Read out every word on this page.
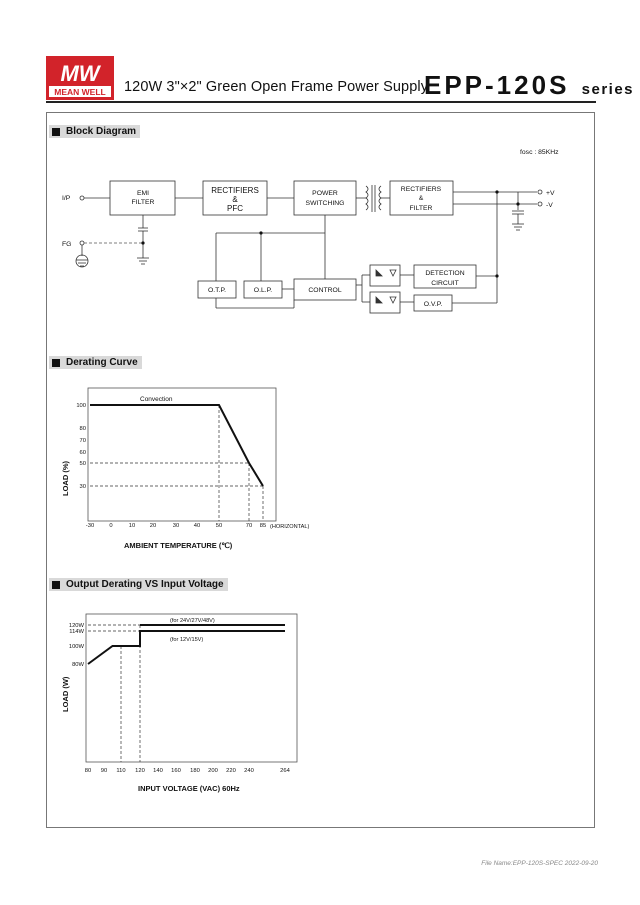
MW
MEAN WELL 120W 3"×2" Green Open Frame Power Supply
EPP-120S series
Block Diagram
Derating Curve
Output Derating VS Input Voltage
fosc : 85KHz
I/P
FG
EMI
FILTER
RECTIFIERS
&
PFC
POWER
SWITCHING
RECTIFIERS
&
FILTER
+V
-V
O.T.P.	O.L.P.	CONTROL
DETECTION
CIRCUIT
O.V.P.
-30	0	10	20	30	40	50	70 85
30
50
60
70
80
100
Convection
(HORIZONTAL)
AMBIENT TEMPERATURE (℃)
LOAD (%)
80 90 110 120 140 160 180 200 220 240	264
80W
100W
114W
120W
(for 24V/27V/48V)
(for 12V/15V)
INPUT VOLTAGE (VAC) 60Hz
LOAD (W)
File Name:EPP-120S-SPEC 2022-09-20
